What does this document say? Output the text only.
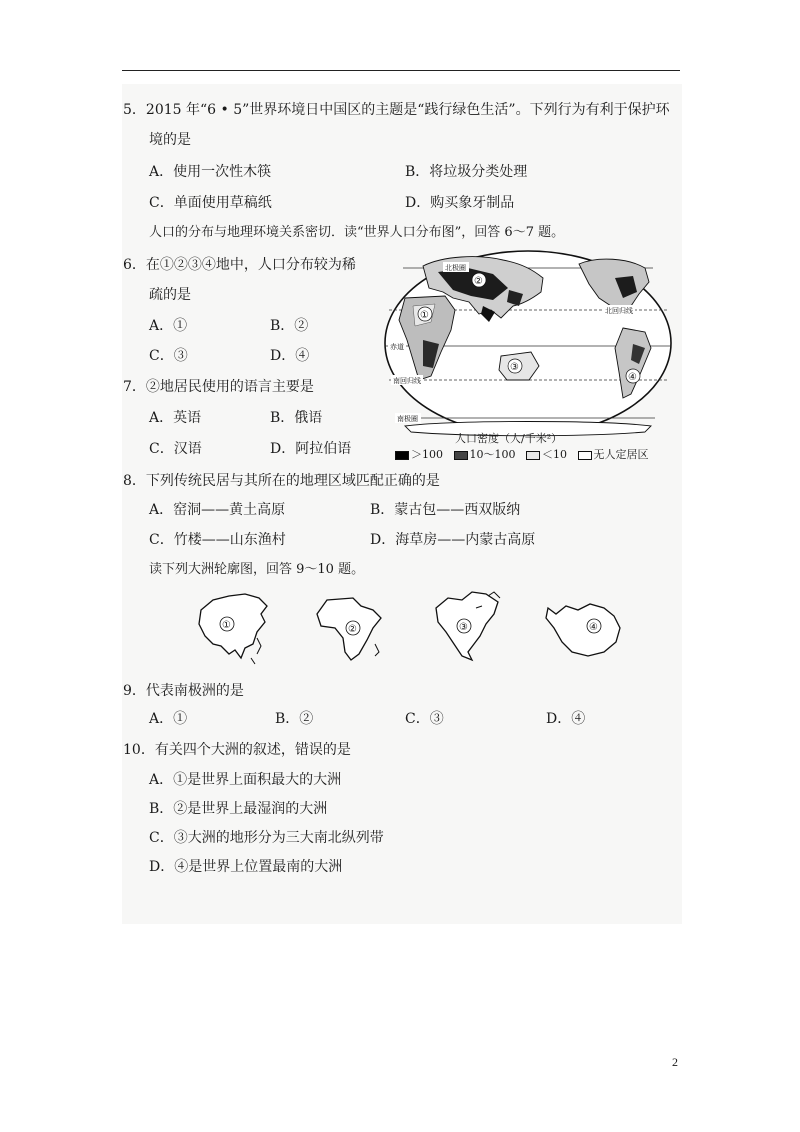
5．2015 年“6 • 5”世界环境日中国区的主题是“践行绿色生活”。下列行为有利于保护环
境的是
A．使用一次性木筷	B．将垃圾分类处理
C．单面使用草稿纸	D．购买象牙制品
人口的分布与地理环境关系密切．读“世界人口分布图”，回答 6～7 题。
6．在①②③④地中，人口分布较为稀
疏的是
A．①	B．②
C．③	D．④
7．②地居民使用的语言主要是
A．英语	B．俄语
C．汉语	D．阿拉伯语
北极圈
北回归线
赤道
南回归线
南极圈
①
②
③
④
人口密度（人/千米²）
＞100 10～100 ＜10 无人定居区
8．下列传统民居与其所在的地理区域匹配正确的是
A．窑洞——黄土高原	B．蒙古包——西双版纳
C．竹楼——山东渔村	D．海草房——内蒙古高原
读下列大洲轮廓图，回答 9～10 题。
①	②	③	④
9．代表南极洲的是
A．①	B．②	C．③	D．④
10．有关四个大洲的叙述，错误的是
A．①是世界上面积最大的大洲
B．②是世界上最湿润的大洲
C．③大洲的地形分为三大南北纵列带
D．④是世界上位置最南的大洲
2
